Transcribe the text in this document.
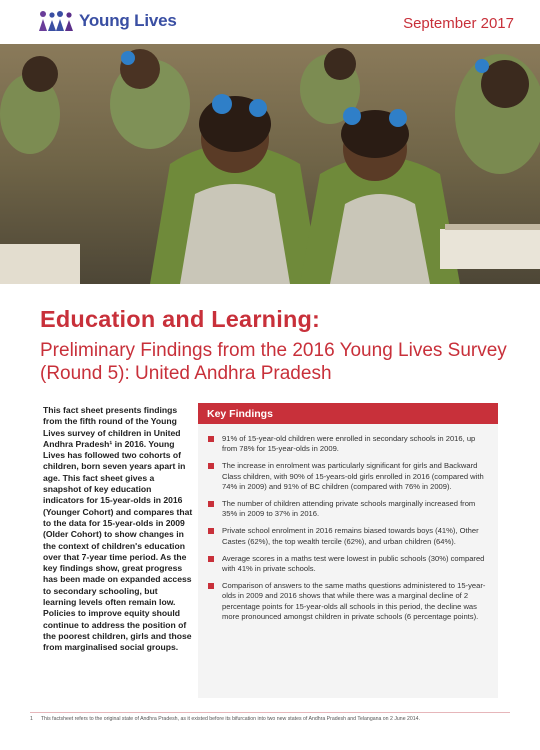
Young Lives	September 2017
Education and Learning:
Preliminary Findings from the 2016 Young Lives Survey (Round 5): United Andhra Pradesh
This fact sheet presents findings from the fifth round of the Young Lives survey of children in United Andhra Pradesh¹ in 2016. Young Lives has followed two cohorts of children, born seven years apart in age. This fact sheet gives a snapshot of key education indicators for 15-year-olds in 2016 (Younger Cohort) and compares that to the data for 15-year-olds in 2009 (Older Cohort) to show changes in the context of children's education over that 7-year time period. As the key findings show, great progress has been made on expanded access to secondary schooling, but learning levels often remain low. Policies to improve equity should continue to address the position of the poorest children, girls and those from marginalised social groups.
Key Findings
91% of 15-year-old children were enrolled in secondary schools in 2016, up from 78% for 15-year-olds in 2009.
The increase in enrolment was particularly significant for girls and Backward Class children, with 90% of 15-years-old girls enrolled in 2016 (compared with 74% in 2009) and 91% of BC children (compared with 76% in 2009).
The number of children attending private schools marginally increased from 35% in 2009 to 37% in 2016.
Private school enrolment in 2016 remains biased towards boys (41%), Other Castes (62%), the top wealth tercile (62%), and urban children (64%).
Average scores in a maths test were lowest in public schools (30%) compared with 41% in private schools.
Comparison of answers to the same maths questions administered to 15-year-olds in 2009 and 2016 shows that while there was a marginal decline of 2 percentage points for 15-year-olds all schools in this period, the decline was more pronounced amongst children in private schools (6 percentage points).
1 This factsheet refers to the original state of Andhra Pradesh, as it existed before its bifurcation into two new states of Andhra Pradesh and Telangana on 2 June 2014.
